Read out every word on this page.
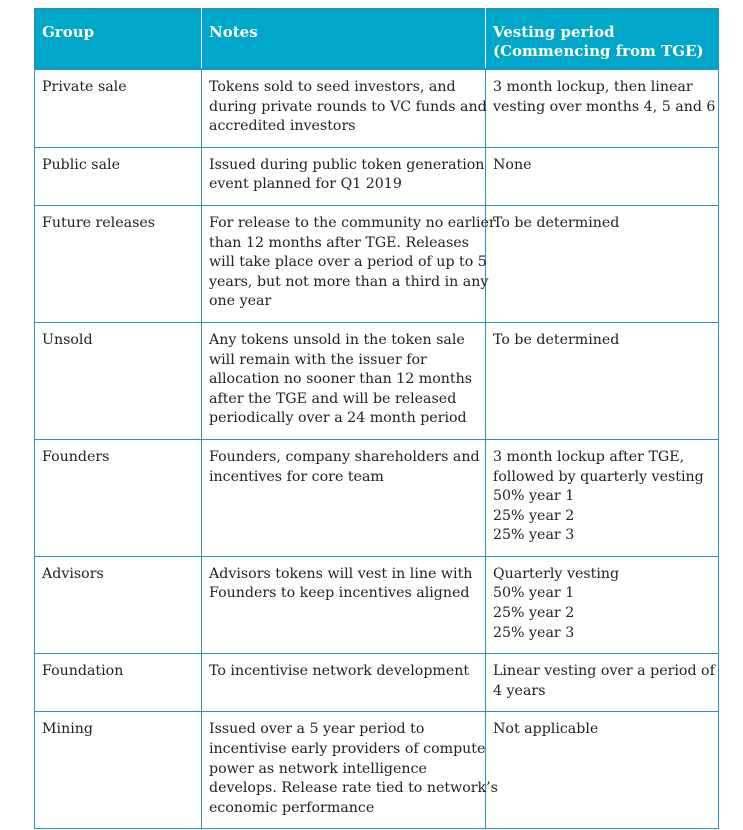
Group	Notes	Vesting period (Commencing from TGE)

Private sale	Tokens sold to seed investors, and
during private rounds to VC funds and
accredited investors	3 month lockup, then linear
vesting over months 4, 5 and 6

Public sale	Issued during public token generation
event planned for Q1 2019	None

Future releases	For release to the community no earlier
than 12 months after TGE. Releases
will take place over a period of up to 5
years, but not more than a third in any
one year	To be determined

Unsold	Any tokens unsold in the token sale
will remain with the issuer for
allocation no sooner than 12 months
after the TGE and will be released
periodically over a 24 month period	To be determined

Founders	Founders, company shareholders and
incentives for core team	3 month lockup after TGE,
followed by quarterly vesting
50% year 1
25% year 2
25% year 3

Advisors	Advisors tokens will vest in line with
Founders to keep incentives aligned	Quarterly vesting
50% year 1
25% year 2
25% year 3

Foundation	To incentivise network development	Linear vesting over a period of
4 years

Mining	Issued over a 5 year period to
incentivise early providers of compute
power as network intelligence
develops. Release rate tied to network’s
economic performance	Not applicable
